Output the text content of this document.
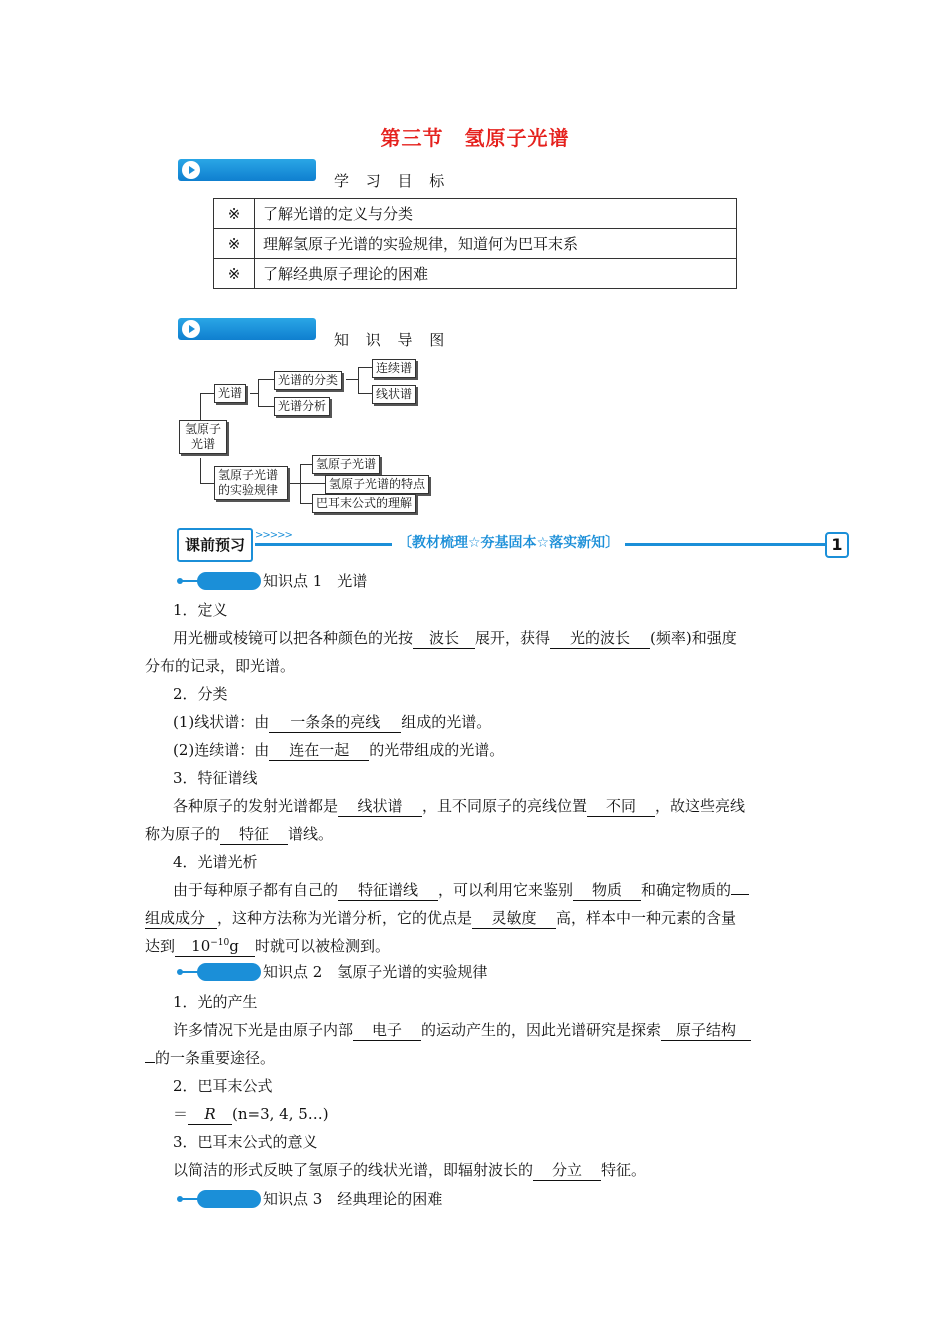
第三节　氢原子光谱
学 习 目 标
※	了解光谱的定义与分类
※	理解氢原子光谱的实验规律，知道何为巴耳末系
※	了解经典原子理论的困难
知 识 导 图
氢原子光谱
光谱
光谱的分类
连续谱
线状谱
光谱分析
氢原子光谱的实验规律
氢原子光谱
氢原子光谱的特点
巴耳末公式的理解
课前预习
>>>>>	〔教材梳理☆夯基固本☆落实新知〕	1
知识点 1　光谱
1．定义
用光栅或棱镜可以把各种颜色的光按 波长 展开，获得 光的波长 (频率)和强度
分布的记录，即光谱。
2．分类
(1)线状谱：由 一条条的亮线 组成的光谱。
(2)连续谱：由 连在一起 的光带组成的光谱。
3．特征谱线
各种原子的发射光谱都是 线状谱 ，且不同原子的亮线位置 不同 ，故这些亮线
称为原子的 特征 谱线。
4．光谱光析
由于每种原子都有自己的 特征谱线 ，可以利用它来鉴别 物质 和确定物质的
组成成分 ，这种方法称为光谱分析，它的优点是 灵敏度 高，样本中一种元素的含量
达到 $10^{-10}g$ 时就可以被检测到。
知识点 2　氢原子光谱的实验规律
1．光的产生
许多情况下光是由原子内部 电子 的运动产生的，因此光谱研究是探索 原子结构
的一条重要途径。
2．巴耳末公式
＝ R (n=3, 4, 5…)
3．巴耳末公式的意义
以简洁的形式反映了氢原子的线状光谱，即辐射波长的 分立 特征。
知识点 3　经典理论的困难
